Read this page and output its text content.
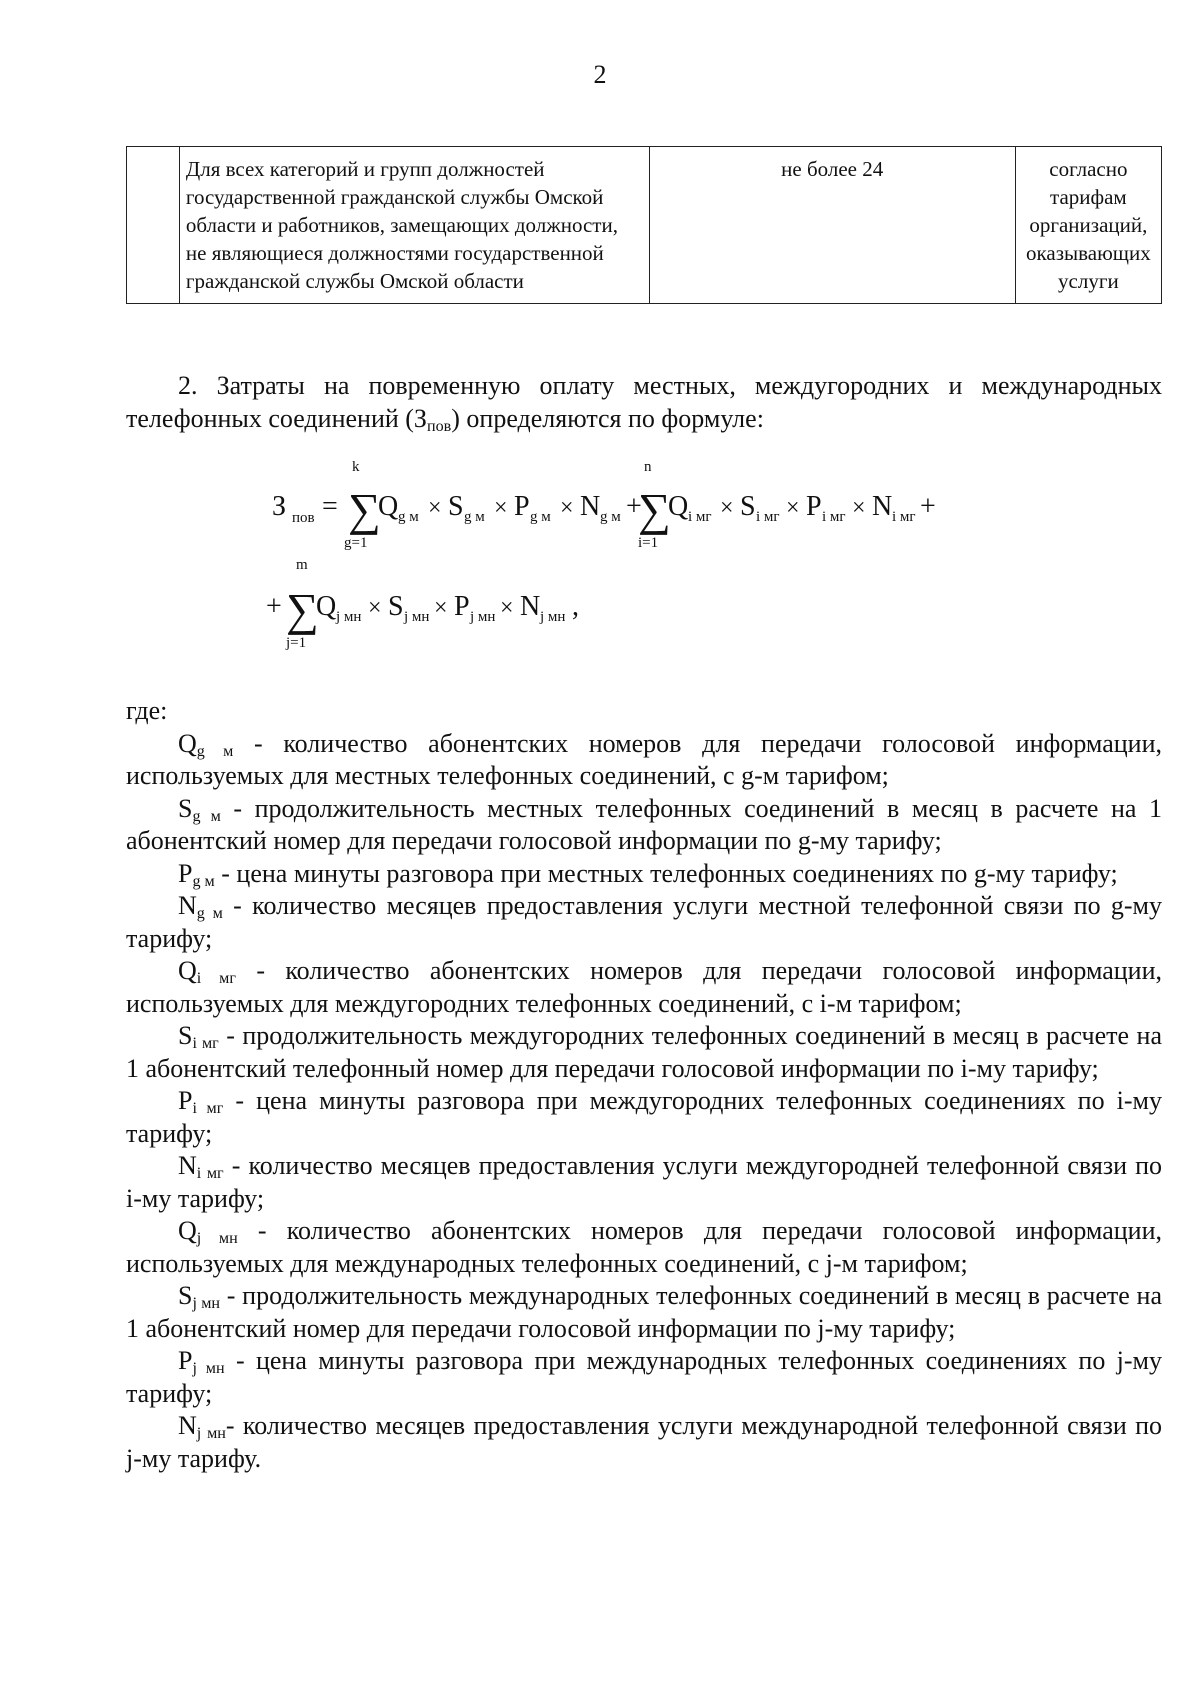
2
	Для всех категорий и групп должностей государственной гражданской службы Омской области и работников, замещающих должности, не являющиеся должностями государственной гражданской службы Омской области	не более 24	согласно тарифам организаций, оказывающих услуги

2. Затраты на повременную оплату местных, междугородних и международных телефонных соединений $(З_{пов})$ определяются по формуле:

З пов =
k
∑
g=1
Q g м × S g м × P g м × N g м +
n
∑
i=1
Q i мг × S i мг × P i мг × N i мг +
+
m
∑
j=1
Q j мн × S j мн × P j мн × N j мн ,

где:

$Q_{g м}$ - количество абонентских номеров для передачи голосовой информации, используемых для местных телефонных соединений, с g-м тарифом;

$S_{g м}$ - продолжительность местных телефонных соединений в месяц в расчете на 1 абонентский номер для передачи голосовой информации по g-му тарифу;

$P_{g м}$ - цена минуты разговора при местных телефонных соединениях по g-му тарифу;

$N_{g м}$ - количество месяцев предоставления услуги местной телефонной связи по g-му тарифу;

$Q_{i мг}$ - количество абонентских номеров для передачи голосовой информации, используемых для междугородних телефонных соединений, с i-м тарифом;

$S_{i мг}$ - продолжительность междугородних телефонных соединений в месяц в расчете на 1 абонентский телефонный номер для передачи голосовой информации по i-му тарифу;

$P_{i мг}$ - цена минуты разговора при междугородних телефонных соединениях по i-му тарифу;

$N_{i мг}$ - количество месяцев предоставления услуги междугородней телефонной связи по i-му тарифу;

$Q_{j мн}$ - количество абонентских номеров для передачи голосовой информации, используемых для международных телефонных соединений, с j-м тарифом;

$S_{j мн}$ - продолжительность международных телефонных соединений в месяц в расчете на 1 абонентский номер для передачи голосовой информации по j-му тарифу;

$P_{j мн}$ - цена минуты разговора при международных телефонных соединениях по j-му тарифу;

$N_{j мн}-$ количество месяцев предоставления услуги международной телефонной связи по j-му тарифу.
